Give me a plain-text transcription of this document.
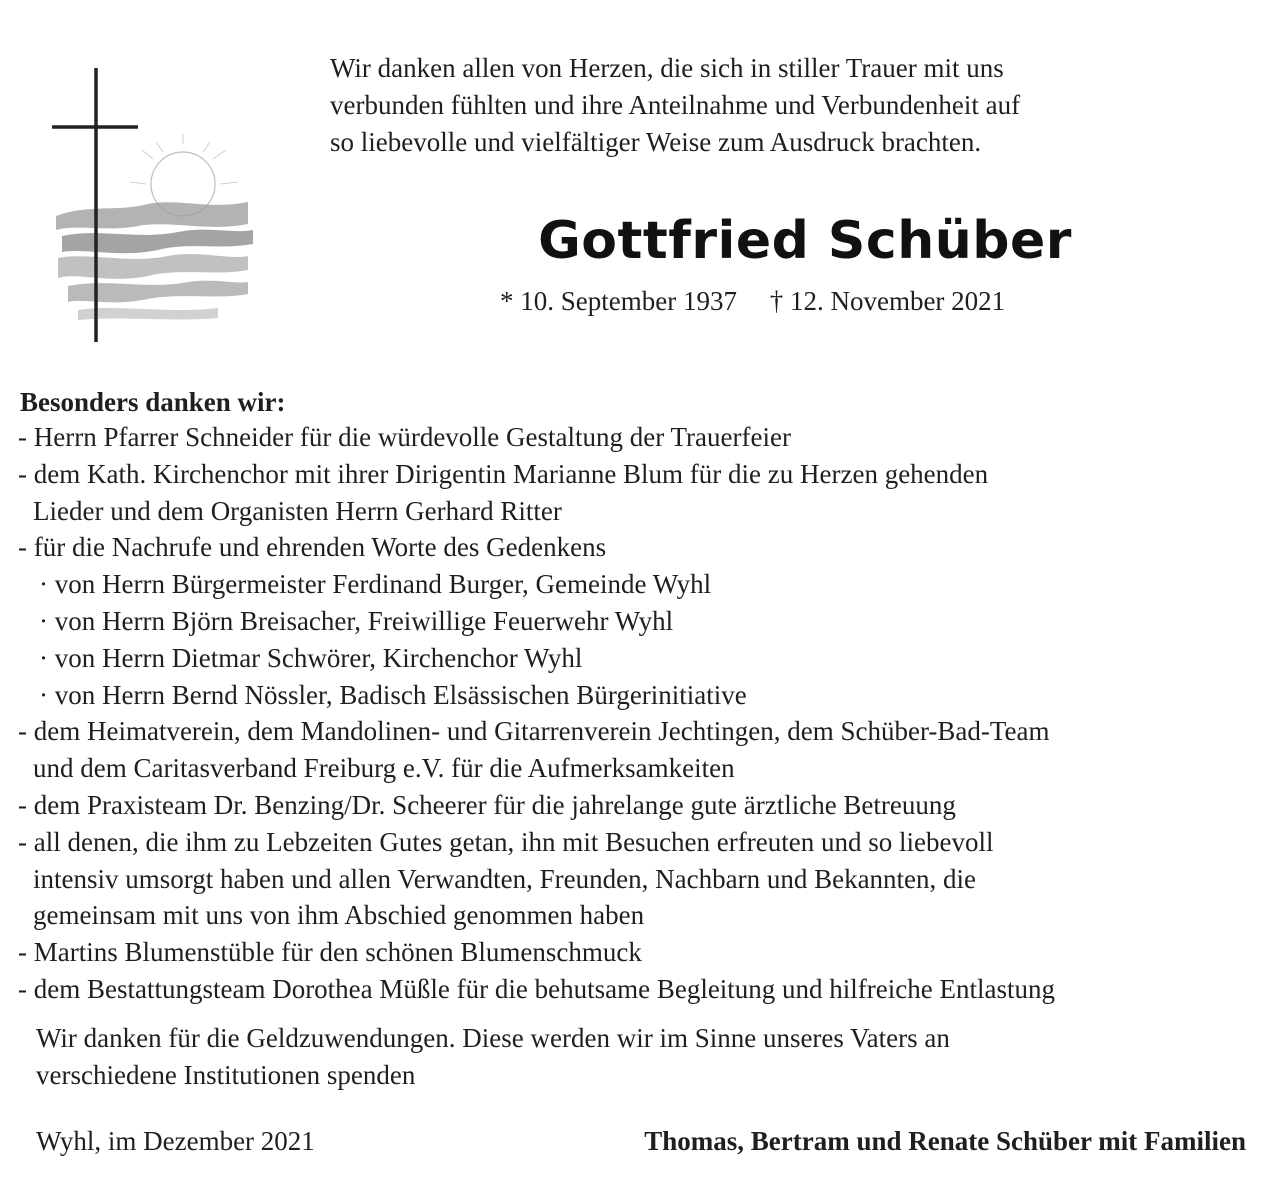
Wir danken allen von Herzen, die sich in stiller Trauer mit uns
verbunden fühlten und ihre Anteilnahme und Verbundenheit auf
so liebevolle und vielfältiger Weise zum Ausdruck brachten.

Gottfried Schüber

* 10. September 1937 † 12. November 2021

Besonders danken wir:
- Herrn Pfarrer Schneider für die würdevolle Gestaltung der Trauerfeier
- dem Kath. Kirchenchor mit ihrer Dirigentin Marianne Blum für die zu Herzen gehenden
Lieder und dem Organisten Herrn Gerhard Ritter
- für die Nachrufe und ehrenden Worte des Gedenkens
· von Herrn Bürgermeister Ferdinand Burger, Gemeinde Wyhl
· von Herrn Björn Breisacher, Freiwillige Feuerwehr Wyhl
· von Herrn Dietmar Schwörer, Kirchenchor Wyhl
· von Herrn Bernd Nössler, Badisch Elsässischen Bürgerinitiative
- dem Heimatverein, dem Mandolinen- und Gitarrenverein Jechtingen, dem Schüber-Bad-Team
und dem Caritasverband Freiburg e.V. für die Aufmerksamkeiten
- dem Praxisteam Dr. Benzing/Dr. Scheerer für die jahrelange gute ärztliche Betreuung
- all denen, die ihm zu Lebzeiten Gutes getan, ihn mit Besuchen erfreuten und so liebevoll
intensiv umsorgt haben und allen Verwandten, Freunden, Nachbarn und Bekannten, die
gemeinsam mit uns von ihm Abschied genommen haben
- Martins Blumenstüble für den schönen Blumenschmuck
- dem Bestattungsteam Dorothea Müßle für die behutsame Begleitung und hilfreiche Entlastung

Wir danken für die Geldzuwendungen. Diese werden wir im Sinne unseres Vaters an
verschiedene Institutionen spenden

Wyhl, im Dezember 2021	Thomas, Bertram und Renate Schüber mit Familien
